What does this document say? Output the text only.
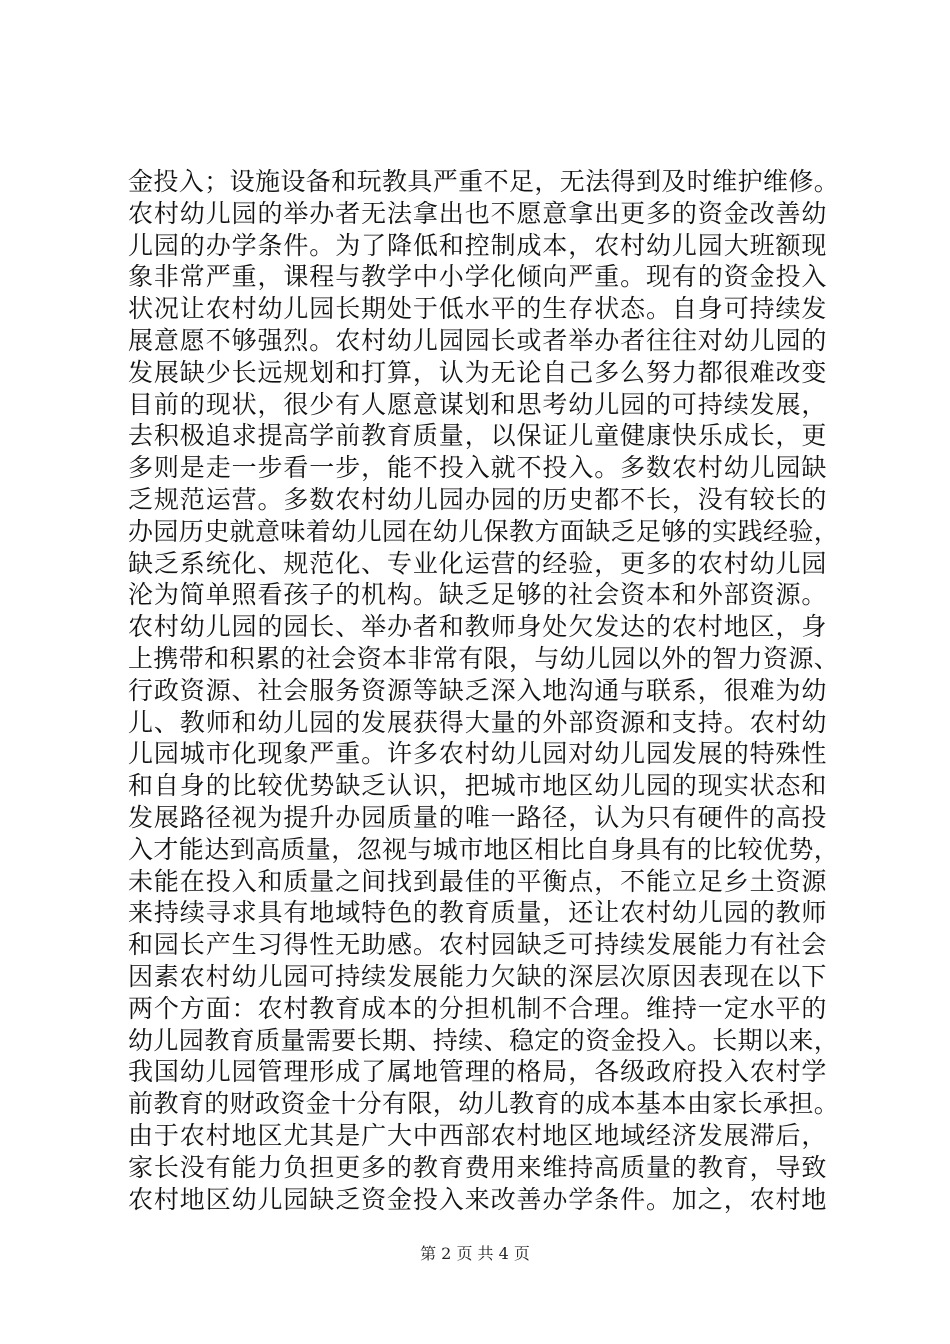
金投入；设施设备和玩教具严重不足，无法得到及时维护维修。
农村幼儿园的举办者无法拿出也不愿意拿出更多的资金改善幼
儿园的办学条件。为了降低和控制成本，农村幼儿园大班额现
象非常严重，课程与教学中小学化倾向严重。现有的资金投入
状况让农村幼儿园长期处于低水平的生存状态。自身可持续发
展意愿不够强烈。农村幼儿园园长或者举办者往往对幼儿园的
发展缺少长远规划和打算，认为无论自己多么努力都很难改变
目前的现状，很少有人愿意谋划和思考幼儿园的可持续发展，
去积极追求提高学前教育质量，以保证儿童健康快乐成长，更
多则是走一步看一步，能不投入就不投入。多数农村幼儿园缺
乏规范运营。多数农村幼儿园办园的历史都不长，没有较长的
办园历史就意味着幼儿园在幼儿保教方面缺乏足够的实践经验，
缺乏系统化、规范化、专业化运营的经验，更多的农村幼儿园
沦为简单照看孩子的机构。缺乏足够的社会资本和外部资源。
农村幼儿园的园长、举办者和教师身处欠发达的农村地区，身
上携带和积累的社会资本非常有限，与幼儿园以外的智力资源、
行政资源、社会服务资源等缺乏深入地沟通与联系，很难为幼
儿、教师和幼儿园的发展获得大量的外部资源和支持。农村幼
儿园城市化现象严重。许多农村幼儿园对幼儿园发展的特殊性
和自身的比较优势缺乏认识，把城市地区幼儿园的现实状态和
发展路径视为提升办园质量的唯一路径，认为只有硬件的高投
入才能达到高质量，忽视与城市地区相比自身具有的比较优势，
未能在投入和质量之间找到最佳的平衡点，不能立足乡土资源
来持续寻求具有地域特色的教育质量，还让农村幼儿园的教师
和园长产生习得性无助感。农村园缺乏可持续发展能力有社会
因素农村幼儿园可持续发展能力欠缺的深层次原因表现在以下
两个方面：农村教育成本的分担机制不合理。维持一定水平的
幼儿园教育质量需要长期、持续、稳定的资金投入。长期以来，
我国幼儿园管理形成了属地管理的格局，各级政府投入农村学
前教育的财政资金十分有限，幼儿教育的成本基本由家长承担。
由于农村地区尤其是广大中西部农村地区地域经济发展滞后，
家长没有能力负担更多的教育费用来维持高质量的教育，导致
农村地区幼儿园缺乏资金投入来改善办学条件。加之，农村地
第 2 页 共 4 页
